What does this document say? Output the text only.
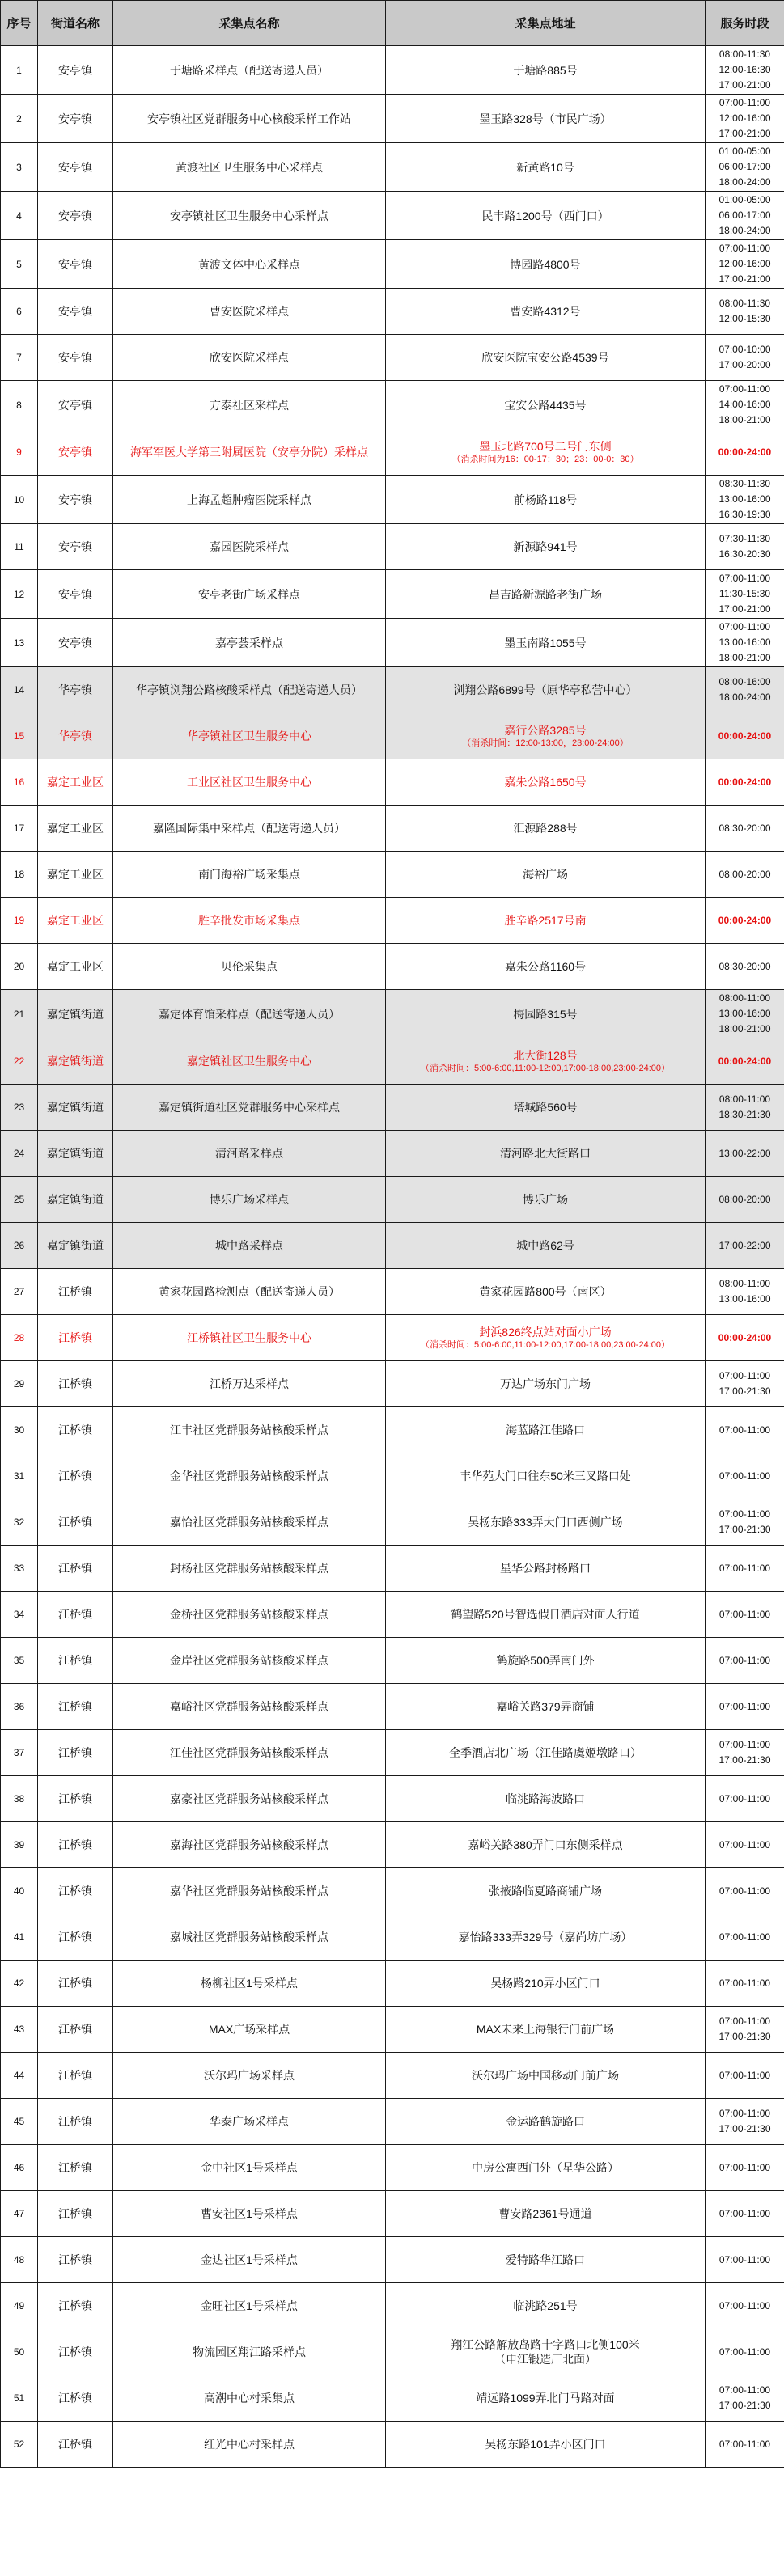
序号	街道名称	采集点名称	采集点地址	服务时段
1	安亭镇	于塘路采样点（配送寄递人员）	于塘路885号	08:00-11:30
12:00-16:30
17:00-21:00

2	安亭镇	安亭镇社区党群服务中心核酸采样工作站	墨玉路328号（市民广场）	07:00-11:00
12:00-16:00
17:00-21:00

3	安亭镇	黄渡社区卫生服务中心采样点	新黄路10号	01:00-05:00
06:00-17:00
18:00-24:00

4	安亭镇	安亭镇社区卫生服务中心采样点	民丰路1200号（西门口）	01:00-05:00
06:00-17:00
18:00-24:00

5	安亭镇	黄渡文体中心采样点	博园路4800号	07:00-11:00
12:00-16:00
17:00-21:00

6	安亭镇	曹安医院采样点	曹安路4312号	08:00-11:30
12:00-15:30

7	安亭镇	欣安医院采样点	欣安医院宝安公路4539号	07:00-10:00
17:00-20:00

8	安亭镇	方泰社区采样点	宝安公路4435号	07:00-11:00
14:00-16:00
18:00-21:00

9	安亭镇	海军军医大学第三附属医院（安亭分院）采样点	墨玉北路700号二号门东侧
（消杀时间为16：00-17：30；23：00-0：30）	00:00-24:00

10	安亭镇	上海孟超肿瘤医院采样点	前杨路118号	08:30-11:30
13:00-16:00
16:30-19:30

11	安亭镇	嘉园医院采样点	新源路941号	07:30-11:30
16:30-20:30

12	安亭镇	安亭老街广场采样点	昌吉路新源路老街广场	07:00-11:00
11:30-15:30
17:00-21:00

13	安亭镇	嘉亭荟采样点	墨玉南路1055号	07:00-11:00
13:00-16:00
18:00-21:00

14	华亭镇	华亭镇浏翔公路核酸采样点（配送寄递人员）	浏翔公路6899号（原华亭私营中心）	08:00-16:00
18:00-24:00

15	华亭镇	华亭镇社区卫生服务中心	嘉行公路3285号
（消杀时间：12:00-13:00，23:00-24:00）	00:00-24:00

16	嘉定工业区	工业区社区卫生服务中心	嘉朱公路1650号	00:00-24:00

17	嘉定工业区	嘉隆国际集中采样点（配送寄递人员）	汇源路288号	08:30-20:00

18	嘉定工业区	南门海裕广场采集点	海裕广场	08:00-20:00

19	嘉定工业区	胜辛批发市场采集点	胜辛路2517号南	00:00-24:00

20	嘉定工业区	贝伦采集点	嘉朱公路1160号	08:30-20:00

21	嘉定镇街道	嘉定体育馆采样点（配送寄递人员）	梅园路315号	08:00-11:00
13:00-16:00
18:00-21:00

22	嘉定镇街道	嘉定镇社区卫生服务中心	北大街128号
（消杀时间：5:00-6:00,11:00-12:00,17:00-18:00,23:00-24:00）	00:00-24:00

23	嘉定镇街道	嘉定镇街道社区党群服务中心采样点	塔城路560号	08:00-11:00
18:30-21:30

24	嘉定镇街道	清河路采样点	清河路北大街路口	13:00-22:00

25	嘉定镇街道	博乐广场采样点	博乐广场	08:00-20:00

26	嘉定镇街道	城中路采样点	城中路62号	17:00-22:00

27	江桥镇	黄家花园路检测点（配送寄递人员）	黄家花园路800号（南区）	08:00-11:00
13:00-16:00

28	江桥镇	江桥镇社区卫生服务中心	封浜826终点站对面小广场
（消杀时间：5:00-6:00,11:00-12:00,17:00-18:00,23:00-24:00）	00:00-24:00

29	江桥镇	江桥万达采样点	万达广场东门广场	07:00-11:00
17:00-21:30

30	江桥镇	江丰社区党群服务站核酸采样点	海蓝路江佳路口	07:00-11:00

31	江桥镇	金华社区党群服务站核酸采样点	丰华苑大门口往东50米三叉路口处	07:00-11:00

32	江桥镇	嘉怡社区党群服务站核酸采样点	吴杨东路333弄大门口西侧广场	07:00-11:00
17:00-21:30

33	江桥镇	封杨社区党群服务站核酸采样点	星华公路封杨路口	07:00-11:00

34	江桥镇	金桥社区党群服务站核酸采样点	鹤望路520号智选假日酒店对面人行道	07:00-11:00

35	江桥镇	金岸社区党群服务站核酸采样点	鹤旋路500弄南门外	07:00-11:00

36	江桥镇	嘉峪社区党群服务站核酸采样点	嘉峪关路379弄商铺	07:00-11:00

37	江桥镇	江佳社区党群服务站核酸采样点	全季酒店北广场（江佳路虞姬墩路口）	07:00-11:00
17:00-21:30

38	江桥镇	嘉豪社区党群服务站核酸采样点	临洮路海波路口	07:00-11:00

39	江桥镇	嘉海社区党群服务站核酸采样点	嘉峪关路380弄门口东侧采样点	07:00-11:00

40	江桥镇	嘉华社区党群服务站核酸采样点	张掖路临夏路商铺广场	07:00-11:00

41	江桥镇	嘉城社区党群服务站核酸采样点	嘉怡路333弄329号（嘉尚坊广场）	07:00-11:00

42	江桥镇	杨柳社区1号采样点	吴杨路210弄小区门口	07:00-11:00

43	江桥镇	MAX广场采样点	MAX未来上海银行门前广场	07:00-11:00
17:00-21:30

44	江桥镇	沃尔玛广场采样点	沃尔玛广场中国移动门前广场	07:00-11:00

45	江桥镇	华泰广场采样点	金运路鹤旋路口	07:00-11:00
17:00-21:30

46	江桥镇	金中社区1号采样点	中房公寓西门外（星华公路）	07:00-11:00

47	江桥镇	曹安社区1号采样点	曹安路2361号通道	07:00-11:00

48	江桥镇	金达社区1号采样点	爱特路华江路口	07:00-11:00

49	江桥镇	金旺社区1号采样点	临洮路251号	07:00-11:00

50	江桥镇	物流园区翔江路采样点	翔江公路解放岛路十字路口北侧100米
（申江锻造厂北面）	07:00-11:00

51	江桥镇	高潮中心村采集点	靖远路1099弄北门马路对面	07:00-11:00
17:00-21:30

52	江桥镇	红光中心村采样点	吴杨东路101弄小区门口	07:00-11:00
